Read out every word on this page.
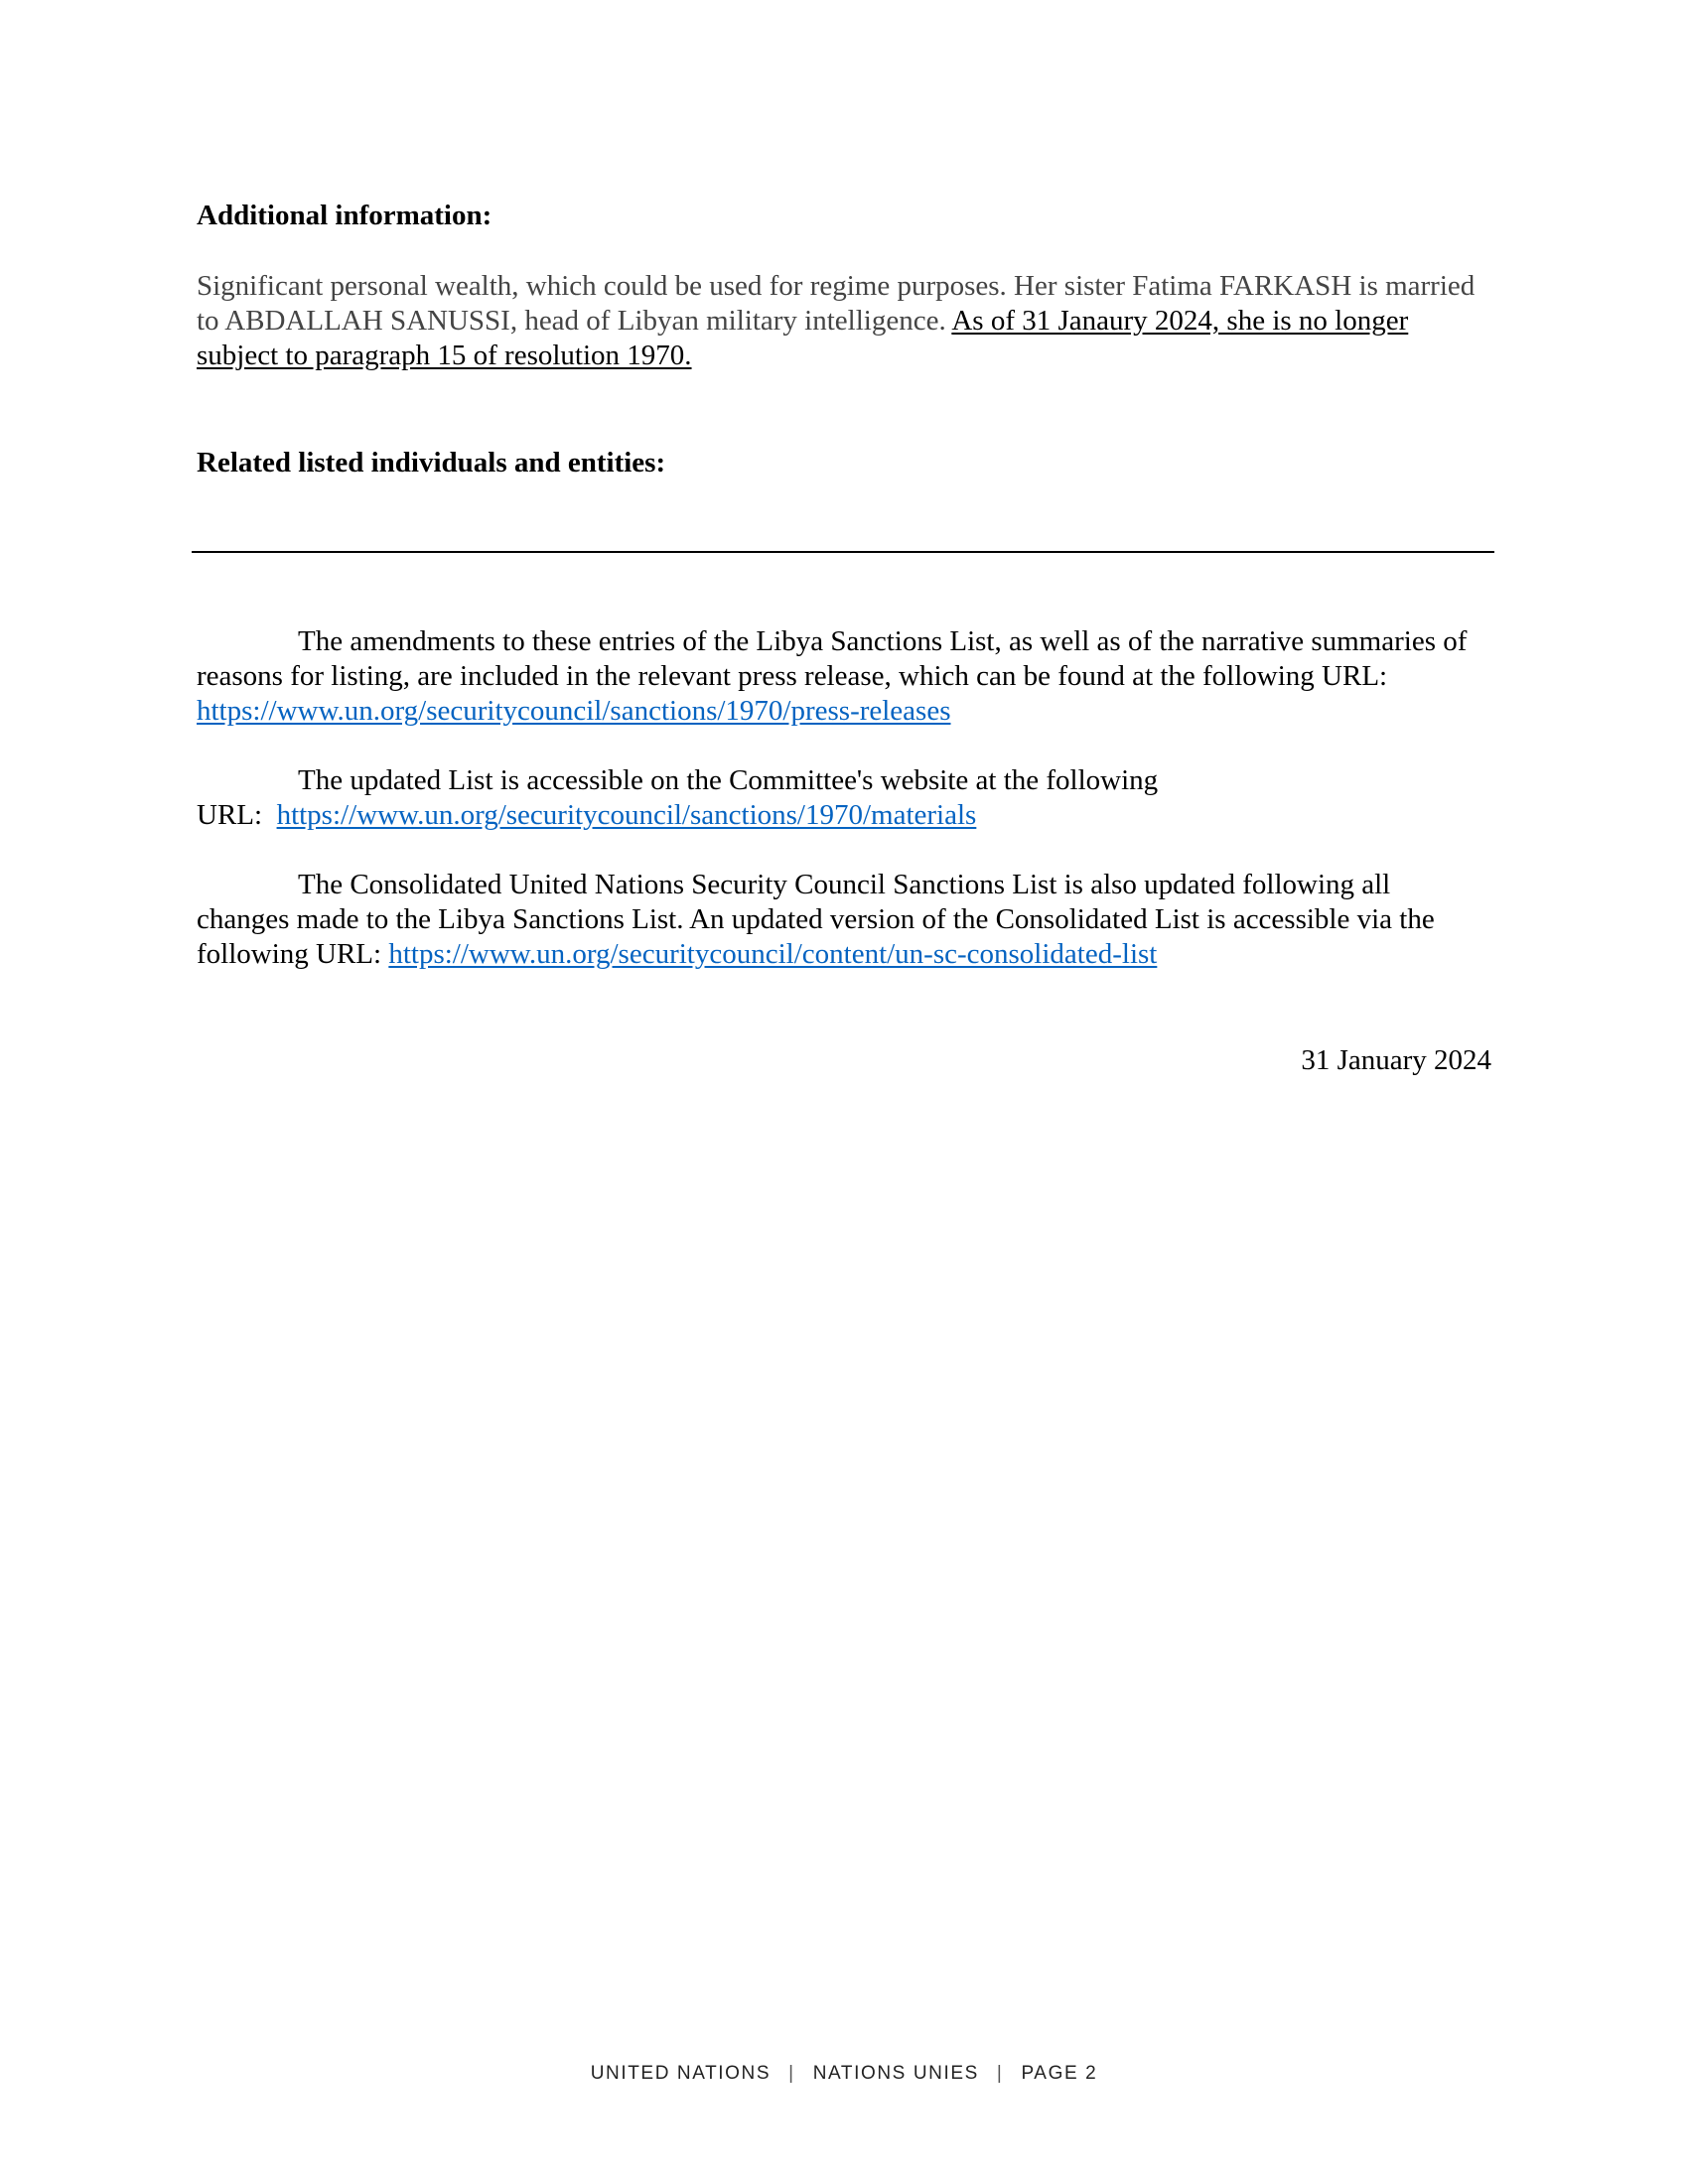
Additional information:

Significant personal wealth, which could be used for regime purposes. Her sister Fatima FARKASH is married to ABDALLAH SANUSSI, head of Libyan military intelligence. As of 31 Janaury 2024, she is no longer subject to paragraph 15 of resolution 1970.

Related listed individuals and entities:

The amendments to these entries of the Libya Sanctions List, as well as of the narrative summaries of reasons for listing, are included in the relevant press release, which can be found at the following URL: https://www.un.org/securitycouncil/sanctions/1970/press-releases

The updated List is accessible on the Committee's website at the following
URL: https://www.un.org/securitycouncil/sanctions/1970/materials

The Consolidated United Nations Security Council Sanctions List is also updated following all changes made to the Libya Sanctions List. An updated version of the Consolidated List is accessible via the following URL: https://www.un.org/securitycouncil/content/un-sc-consolidated-list

31 January 2024

UNITED NATIONS | NATIONS UNIES | PAGE 2
